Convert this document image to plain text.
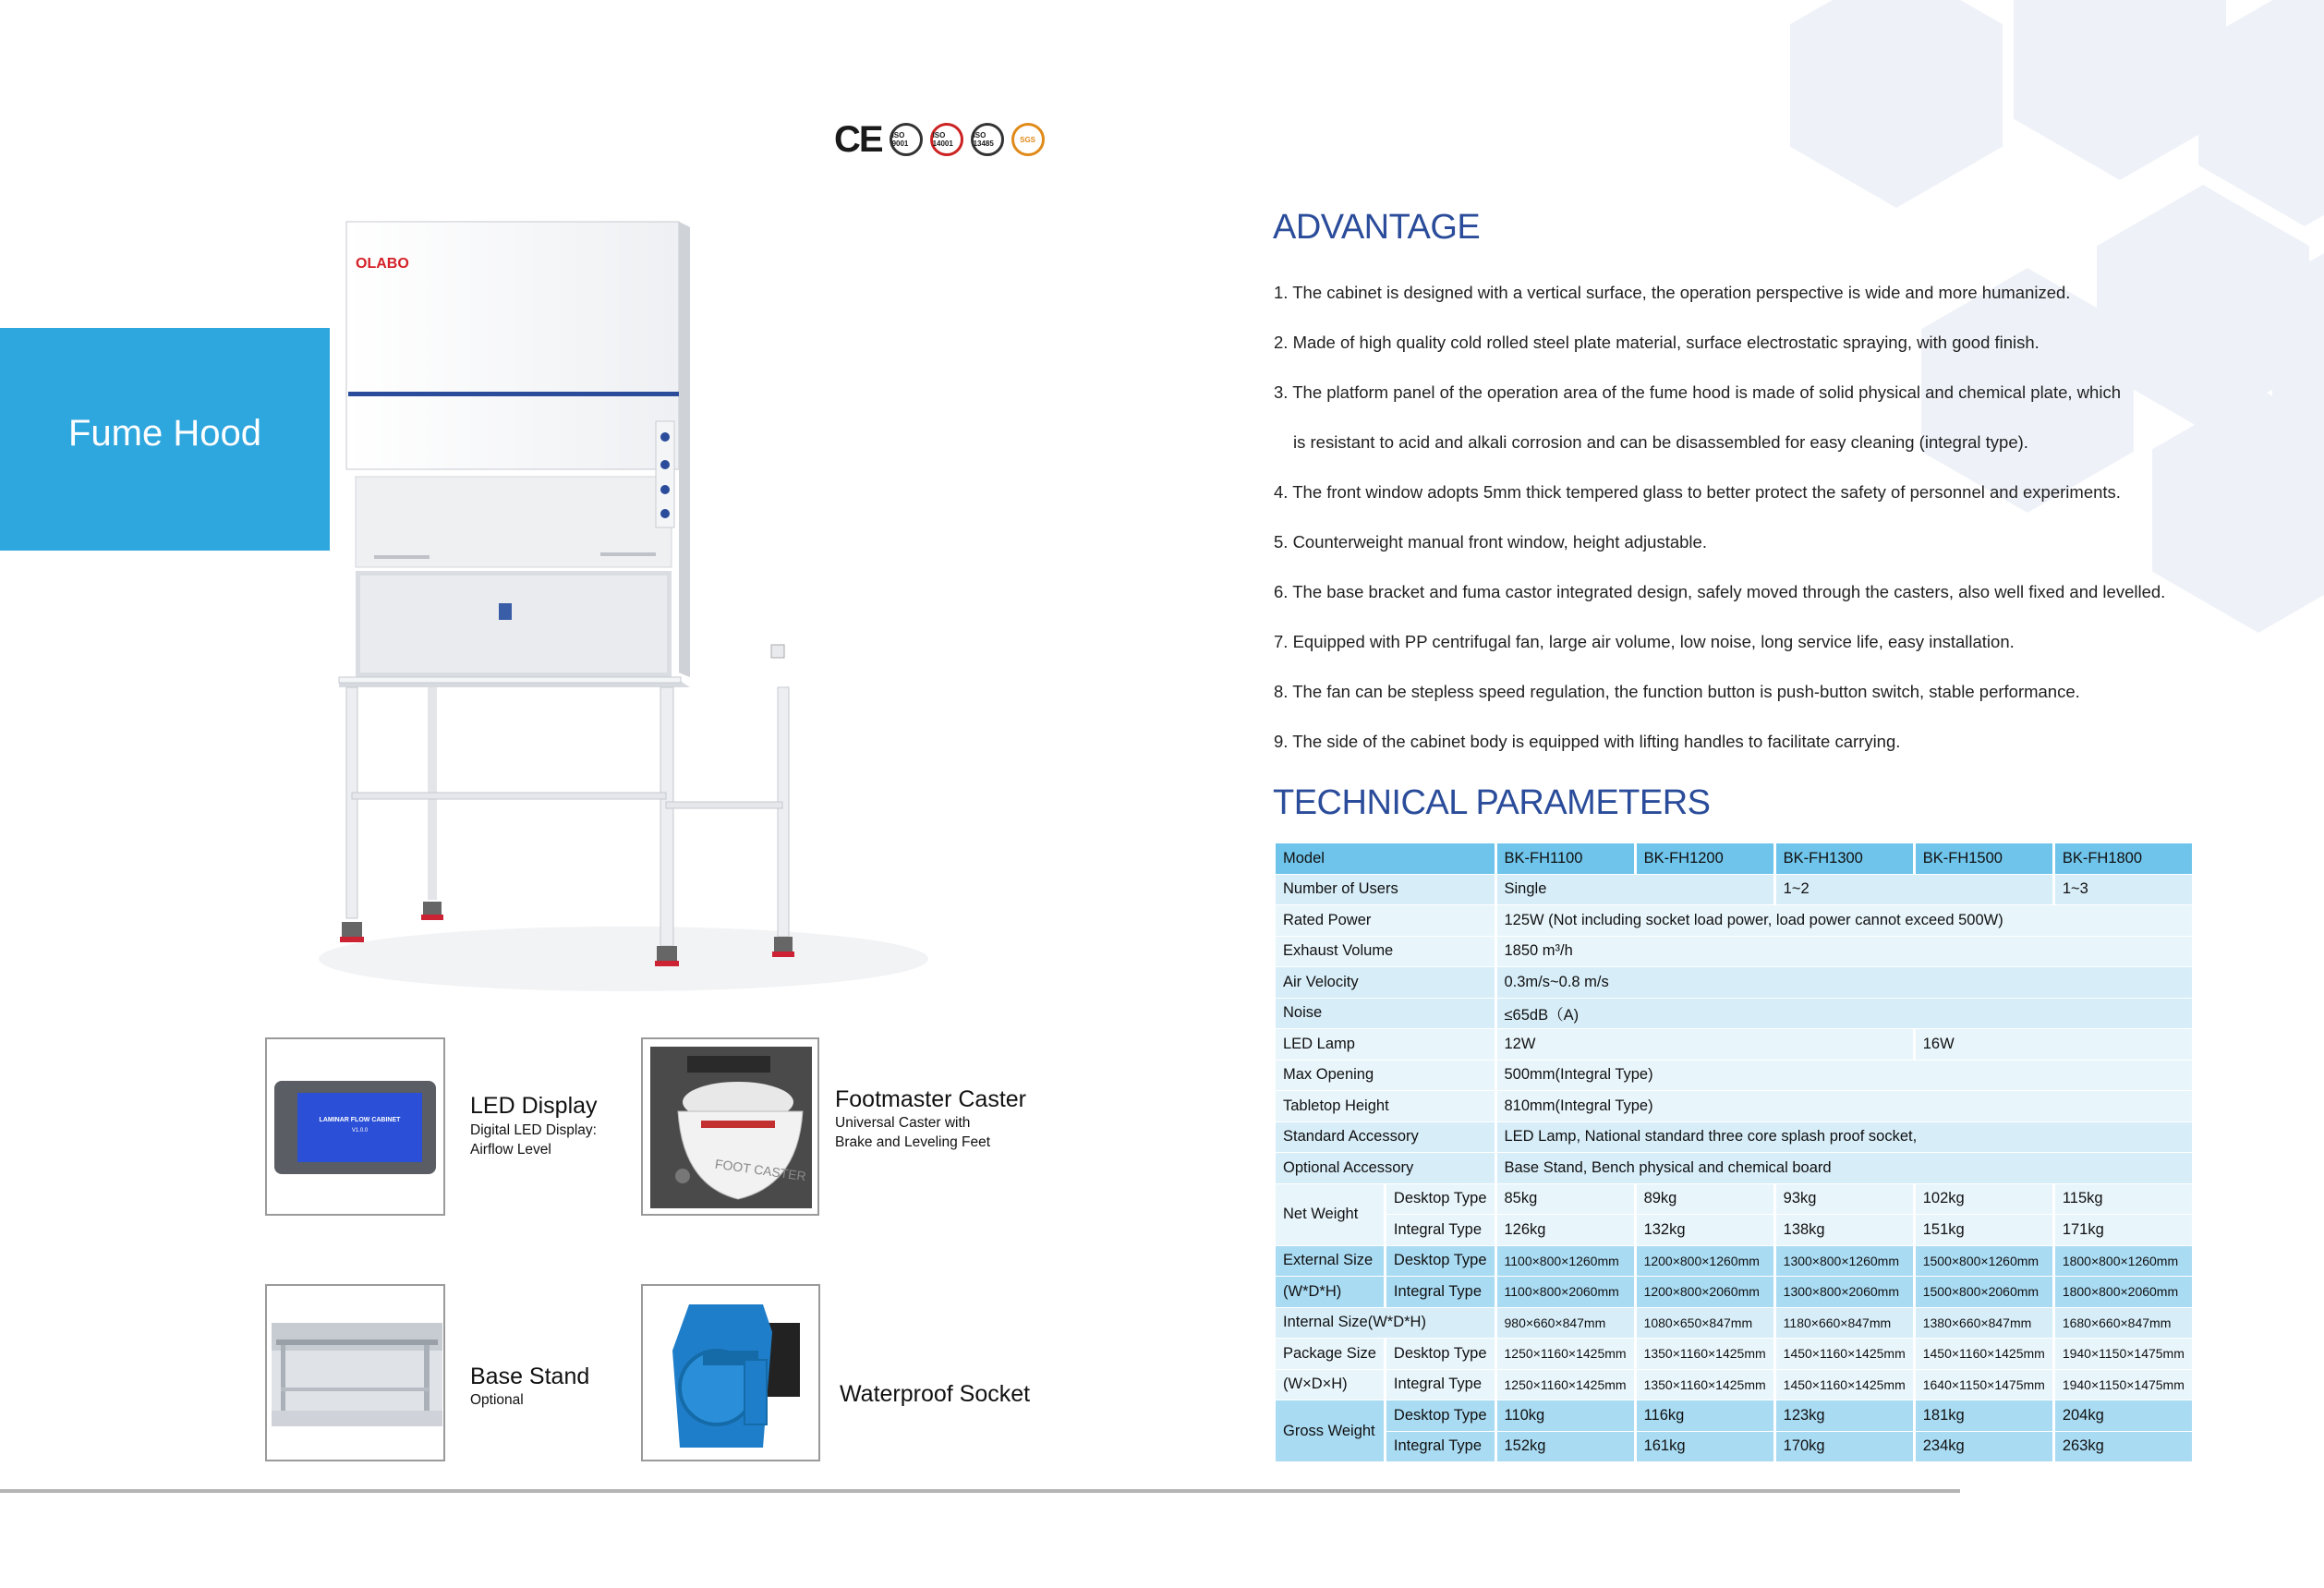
Fume Hood
CE	ISO 9001
ISO 14001
ISO 13485	SGS
OLABO
ADVANTAGE
1. The cabinet is designed with a vertical surface, the operation perspective is wide and more humanized.
2. Made of high quality cold rolled steel plate material, surface electrostatic spraying, with good finish.
3. The platform panel of the operation area of the fume hood is made of solid physical and chemical plate, which
is resistant to acid and alkali corrosion and can be disassembled for easy cleaning (integral type).
4. The front window adopts 5mm thick tempered glass to better protect the safety of personnel and experiments.
5. Counterweight manual front window, height adjustable.
6. The base bracket and fuma castor integrated design, safely moved through the casters, also well fixed and levelled.
7. Equipped with PP centrifugal fan, large air volume, low noise, long service life, easy installation.
8. The fan can be stepless speed regulation, the function button is push-button switch, stable performance.
9. The side of the cabinet body is equipped with lifting handles to facilitate carrying.
TECHNICAL PARAMETERS
Model		BK-FH1100	BK-FH1200	BK-FH1300	BK-FH1500	BK-FH1800
Number of Users		Single		1~2		1~3
Rated Power		125W (Not including socket load power, load power cannot exceed 500W)				
Exhaust Volume		1850 m³/h				
Air Velocity		0.3m/s~0.8 m/s				
Noise		≤65dB（A)				
LED Lamp		12W			16W	
Max Opening		500mm(Integral Type)				
Tabletop Height		810mm(Integral Type)				
Standard Accessory		LED Lamp, National standard three core splash proof socket,				
Optional Accessory		Base Stand, Bench physical and chemical board				
Net Weight	Desktop Type	85kg	89kg	93kg	102kg	115kg
	Integral Type	126kg	132kg	138kg	151kg	171kg
External Size	Desktop Type	1100×800×1260mm	1200×800×1260mm	1300×800×1260mm	1500×800×1260mm	1800×800×1260mm
(W*D*H)	Integral Type	1100×800×2060mm	1200×800×2060mm	1300×800×2060mm	1500×800×2060mm	1800×800×2060mm
Internal Size(W*D*H)		980×660×847mm	1080×650×847mm	1180×660×847mm	1380×660×847mm	1680×660×847mm
Package Size	Desktop Type	1250×1160×1425mm	1350×1160×1425mm	1450×1160×1425mm	1450×1160×1425mm	1940×1150×1475mm
(W×D×H)	Integral Type	1250×1160×1425mm	1350×1160×1425mm	1450×1160×1425mm	1640×1150×1475mm	1940×1150×1475mm
Gross Weight	Desktop Type	110kg	116kg	123kg	181kg	204kg
	Integral Type	152kg	161kg	170kg	234kg	263kg
LAMINAR FLOW CABINET
V1.0.0
LED Display
Digital LED Display:
Airflow Level
FOOT CASTER
Footmaster Caster
Universal Caster with
Brake and Leveling Feet
Base Stand
Optional	Waterproof Socket
